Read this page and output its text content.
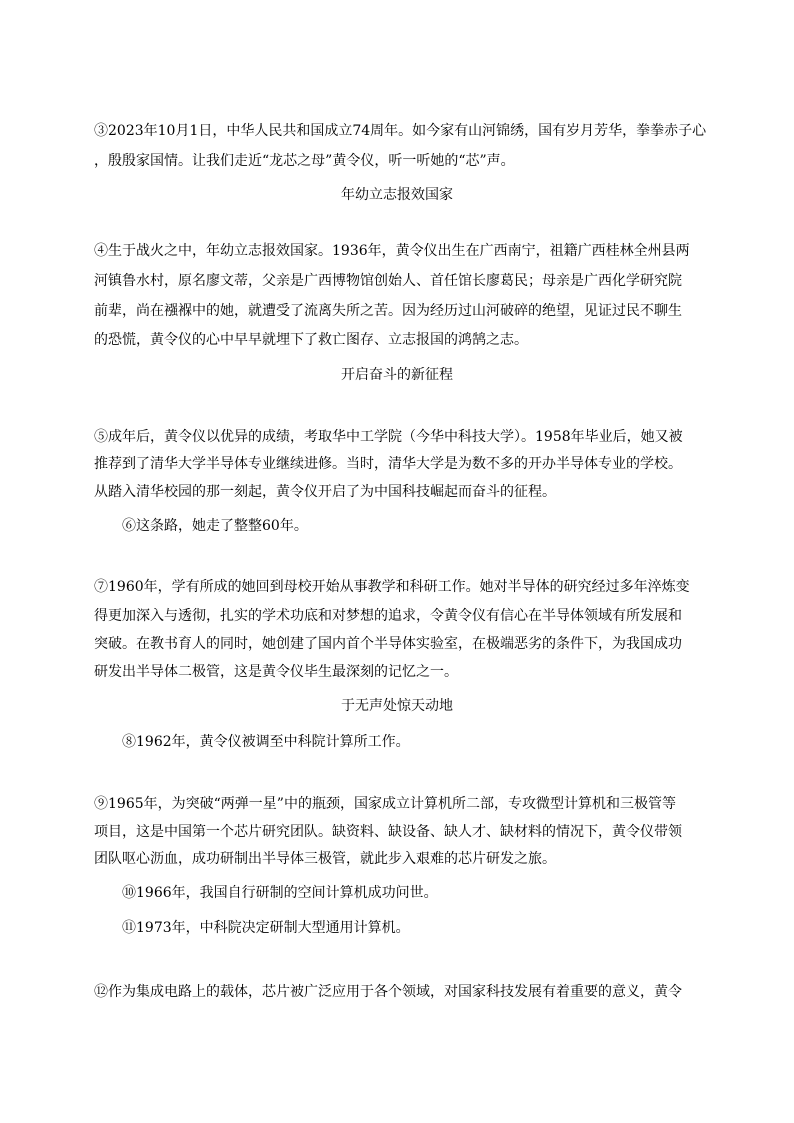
③2023年10月1日，中华人民共和国成立74周年。如今家有山河锦绣，国有岁月芳华，拳拳赤子心
，殷殷家国情。让我们走近“龙芯之母”黄令仪，听一听她的“芯”声。
年幼立志报效国家
④生于战火之中，年幼立志报效国家。1936年，黄令仪出生在广西南宁，祖籍广西桂林全州县两
河镇鲁水村，原名廖文蒂，父亲是广西博物馆创始人、首任馆长廖葛民；母亲是广西化学研究院
前辈，尚在襁褓中的她，就遭受了流离失所之苦。因为经历过山河破碎的绝望，见证过民不聊生
的恐慌，黄令仪的心中早早就埋下了救亡图存、立志报国的鸿鹄之志。
开启奋斗的新征程
⑤成年后，黄令仪以优异的成绩，考取华中工学院（今华中科技大学）。1958年毕业后，她又被
推荐到了清华大学半导体专业继续进修。当时，清华大学是为数不多的开办半导体专业的学校。
从踏入清华校园的那一刻起，黄令仪开启了为中国科技崛起而奋斗的征程。
⑥这条路，她走了整整60年。
⑦1960年，学有所成的她回到母校开始从事教学和科研工作。她对半导体的研究经过多年淬炼变
得更加深入与透彻，扎实的学术功底和对梦想的追求，令黄令仪有信心在半导体领域有所发展和
突破。在教书育人的同时，她创建了国内首个半导体实验室，在极端恶劣的条件下，为我国成功
研发出半导体二极管，这是黄令仪毕生最深刻的记忆之一。
于无声处惊天动地
⑧1962年，黄令仪被调至中科院计算所工作。
⑨1965年，为突破“两弹一星”中的瓶颈，国家成立计算机所二部，专攻微型计算机和三极管等
项目，这是中国第一个芯片研究团队。缺资料、缺设备、缺人才、缺材料的情况下，黄令仪带领
团队呕心沥血，成功研制出半导体三极管，就此步入艰难的芯片研发之旅。
⑩1966年，我国自行研制的空间计算机成功问世。
⑪1973年，中科院决定研制大型通用计算机。
⑫作为集成电路上的载体，芯片被广泛应用于各个领域，对国家科技发展有着重要的意义，黄令
